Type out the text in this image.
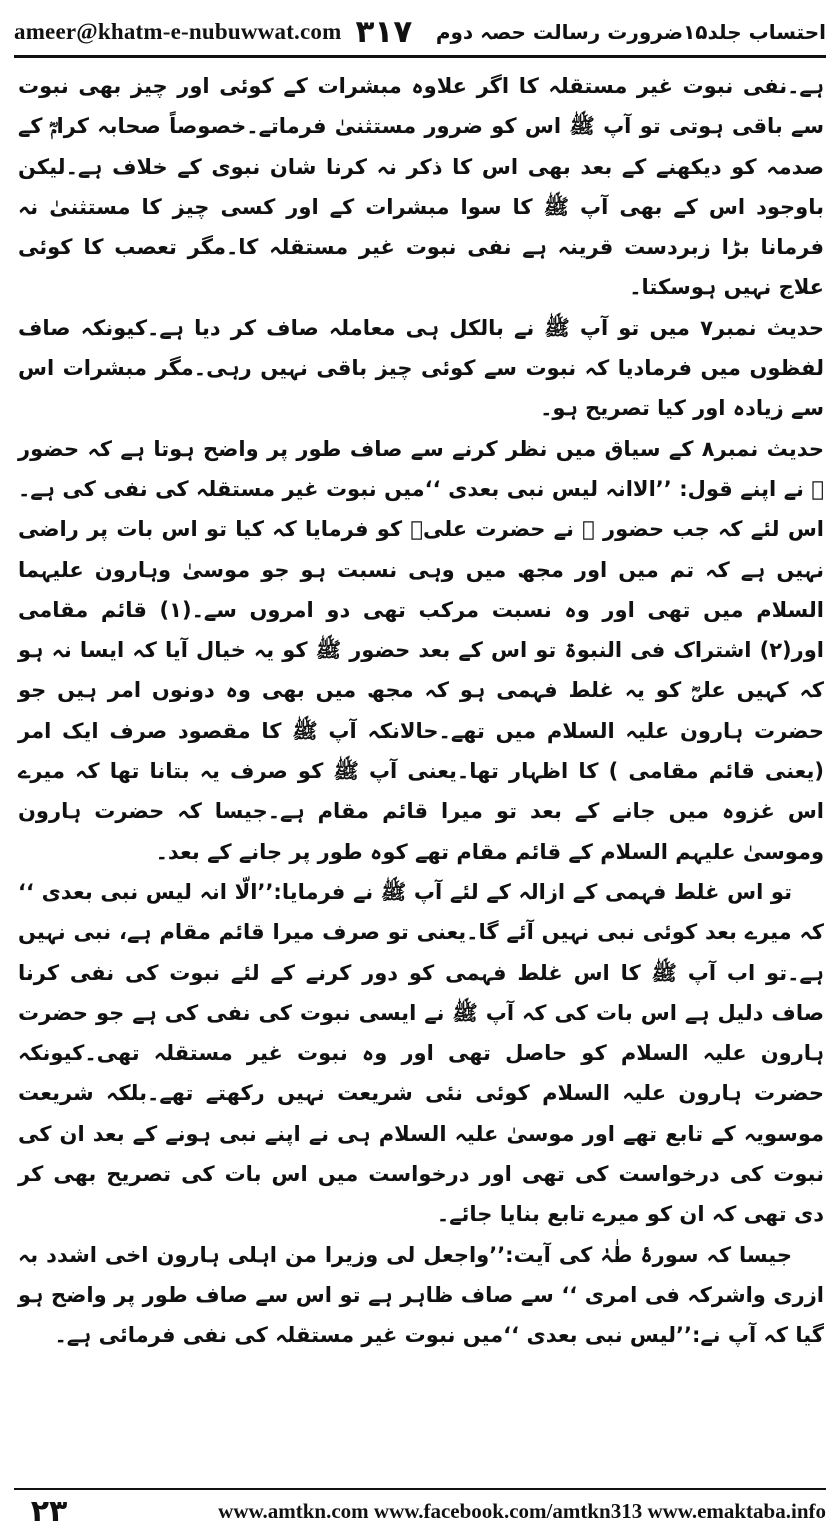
ameer@khatm-e-nubuwwat.com ۳۱۷ احتساب جلد۱۵ضرورت رسالت حصہ دوم

ہے۔نفی نبوت غیر مستقلہ کا اگر علاوہ مبشرات کے کوئی اور چیز بھی نبوت سے باقی ہوتی تو آپ ﷺ اس کو ضرور مستثنیٰ فرماتے۔خصوصاً صحابہ کرامؓ کے صدمہ کو دیکھنے کے بعد بھی اس کا ذکر نہ کرنا شان نبوی کے خلاف ہے۔لیکن باوجود اس کے بھی آپ ﷺ کا سوا مبشرات کے اور کسی چیز کا مستثنیٰ نہ فرمانا بڑا زبردست قرینہ ہے نفی نبوت غیر مستقلہ کا۔مگر تعصب کا کوئی علاج نہیں ہوسکتا۔

حدیث نمبر۷ میں تو آپ ﷺ نے بالکل ہی معاملہ صاف کر دیا ہے۔کیونکہ صاف لفظوں میں فرمادیا کہ نبوت سے کوئی چیز باقی نہیں رہی۔مگر مبشرات اس سے زیادہ اور کیا تصریح ہو۔

حدیث نمبر۸ کے سیاق میں نظر کرنے سے صاف طور پر واضح ہوتا ہے کہ حضور ﷺ نے اپنے قول: ’’الاانہ لیس نبی بعدی ‘‘میں نبوت غیر مستقلہ کی نفی کی ہے۔اس لئے کہ جب حضور ﷺ نے حضرت علیؓ کو فرمایا کہ کیا تو اس بات پر راضی نہیں ہے کہ تم میں اور مجھ میں وہی نسبت ہو جو موسیٰ وہارون علیہما السلام میں تھی اور وہ نسبت مرکب تھی دو امروں سے۔(۱) قائم مقامی اور(۲) اشتراک فی النبوۃ تو اس کے بعد حضور ﷺ کو یہ خیال آیا کہ ایسا نہ ہو کہ کہیں علیؓ کو یہ غلط فہمی ہو کہ مجھ میں بھی وہ دونوں امر ہیں جو حضرت ہارون علیہ السلام میں تھے۔حالانکہ آپ ﷺ کا مقصود صرف ایک امر (یعنی قائم مقامی ) کا اظہار تھا۔یعنی آپ ﷺ کو صرف یہ بتانا تھا کہ میرے اس غزوہ میں جانے کے بعد تو میرا قائم مقام ہے۔جیسا کہ حضرت ہارون وموسیٰ علیہم السلام کے قائم مقام تھے کوہ طور پر جانے کے بعد۔

تو اس غلط فہمی کے ازالہ کے لئے آپ ﷺ نے فرمایا:’’الّا انہ لیس نبی بعدی ‘‘ کہ میرے بعد کوئی نبی نہیں آئے گا۔یعنی تو صرف میرا قائم مقام ہے، نبی نہیں ہے۔تو اب آپ ﷺ کا اس غلط فہمی کو دور کرنے کے لئے نبوت کی نفی کرنا صاف دلیل ہے اس بات کی کہ آپ ﷺ نے ایسی نبوت کی نفی کی ہے جو حضرت ہارون علیہ السلام کو حاصل تھی اور وہ نبوت غیر مستقلہ تھی۔کیونکہ حضرت ہارون علیہ السلام کوئی نئی شریعت نہیں رکھتے تھے۔بلکہ شریعت موسویہ کے تابع تھے اور موسیٰ علیہ السلام ہی نے اپنے نبی ہونے کے بعد ان کی نبوت کی درخواست کی تھی اور درخواست میں اس بات کی تصریح بھی کر دی تھی کہ ان کو میرے تابع بنایا جائے۔

جیسا کہ سورۂ طٰہٰ کی آیت:’’واجعل لی وزیرا من اہلی ہارون اخی اشدد بہ ازری واشرکہ فی امری ‘‘ سے صاف ظاہر ہے تو اس سے صاف طور پر واضح ہو گیا کہ آپ نے:’’لیس نبی بعدی ‘‘میں نبوت غیر مستقلہ کی نفی فرمائی ہے۔

۲۳	www.amtkn.com www.facebook.com/amtkn313 www.emaktaba.info
